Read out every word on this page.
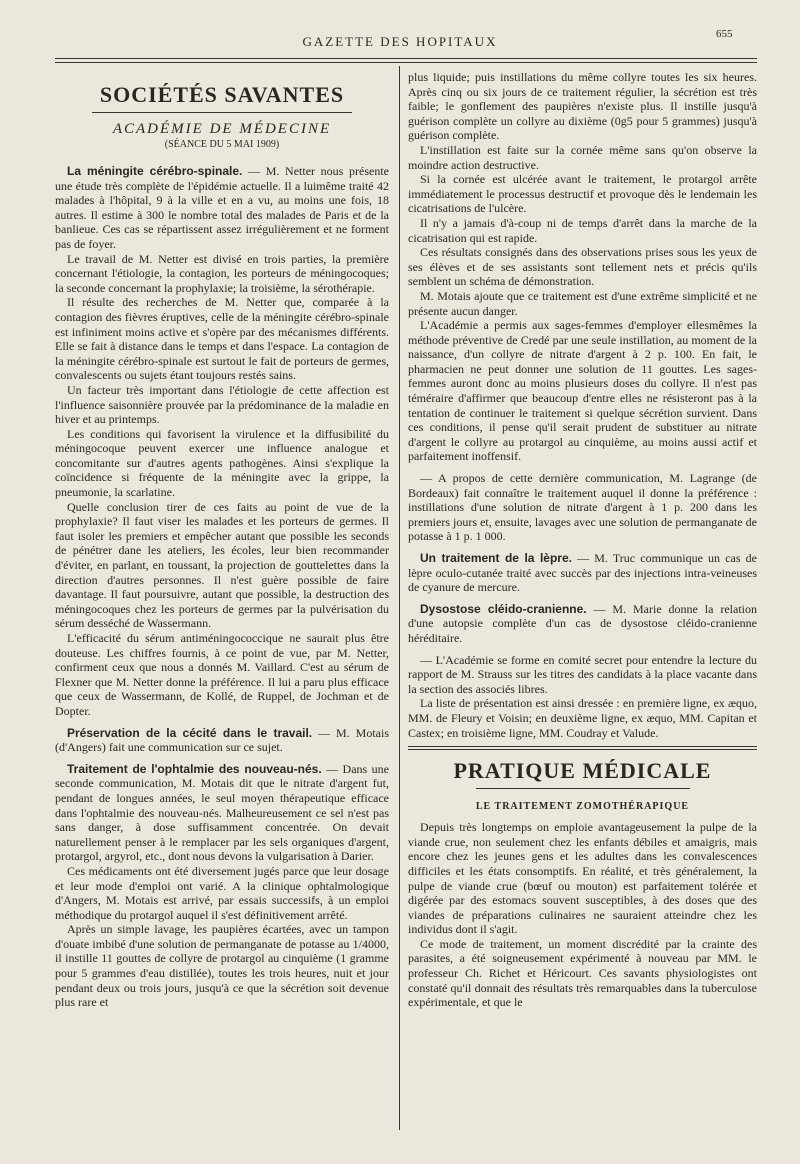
GAZETTE DES HOPITAUX	655
SOCIÉTÉS SAVANTES
ACADÉMIE DE MÉDECINE
(SÉANCE DU 5 MAI 1909)

La méningite cérébro-spinale. — M. Netter nous présente une étude très complète de l'épidémie actuelle. Il a luimême traité 42 malades à l'hôpital, 9 à la ville et en a vu, au moins une fois, 18 autres. Il estime à 300 le nombre total des malades de Paris et de la banlieue. Ces cas se répartissent assez irrégulièrement et ne forment pas de foyer.

Le travail de M. Netter est divisé en trois parties, la première concernant l'étiologie, la contagion, les porteurs de méningocoques; la seconde concernant la prophylaxie; la troisième, la sérothérapie.

Il résulte des recherches de M. Netter que, comparée à la contagion des fièvres éruptives, celle de la méningite cérébro-spinale est infiniment moins active et s'opère par des mécanismes différents. Elle se fait à distance dans le temps et dans l'espace. La contagion de la méningite cérébro-spinale est surtout le fait de porteurs de germes, convalescents ou sujets étant toujours restés sains.

Un facteur très important dans l'étiologie de cette affection est l'influence saisonnière prouvée par la prédominance de la maladie en hiver et au printemps.

Les conditions qui favorisent la virulence et la diffusibilité du méningocoque peuvent exercer une influence analogue et concomitante sur d'autres agents pathogènes. Ainsi s'explique la coïncidence si fréquente de la méningite avec la grippe, la pneumonie, la scarlatine.

Quelle conclusion tirer de ces faits au point de vue de la prophylaxie? Il faut viser les malades et les porteurs de germes. Il faut isoler les premiers et empêcher autant que possible les seconds de pénétrer dane les ateliers, les écoles, leur bien recommander d'éviter, en parlant, en toussant, la projection de gouttelettes dans la direction d'autres personnes. Il n'est guère possible de faire davantage. Il faut poursuivre, autant que possible, la destruction des méningocoques chez les porteurs de germes par la pulvérisation du sérum desséché de Wassermann.

L'efficacité du sérum antiméningococcique ne saurait plus être douteuse. Les chiffres fournis, à ce point de vue, par M. Netter, confirment ceux que nous a donnés M. Vaillard. C'est au sérum de Flexner que M. Netter donne la préférence. Il lui a paru plus efficace que ceux de Wassermann, de Kollé, de Ruppel, de Jochman et de Dopter.

Préservation de la cécité dans le travail. — M. Motais (d'Angers) fait une communication sur ce sujet.

Traitement de l'ophtalmie des nouveau-nés. — Dans une seconde communication, M. Motais dit que le nitrate d'argent fut, pendant de longues années, le seul moyen thérapeutique efficace dans l'ophtalmie des nouveau-nés. Malheureusement ce sel n'est pas sans danger, à dose suffisamment concentrée. On devait naturellement penser à le remplacer par les sels organiques d'argent, protargol, argyrol, etc., dont nous devons la vulgarisation à Darier.

Ces médicaments ont été diversement jugés parce que leur dosage et leur mode d'emploi ont varié. A la clinique ophtalmologique d'Angers, M. Motais est arrivé, par essais successifs, à un emploi méthodique du protargol auquel il s'est définitivement arrêté.

Après un simple lavage, les paupières écartées, avec un tampon d'ouate imbibé d'une solution de permanganate de potasse au 1/4000, il instille 11 gouttes de collyre de protargol au cinquième (1 gramme pour 5 grammes d'eau distillée), toutes les trois heures, nuit et jour pendant deux ou trois jours, jusqu'à ce que la sécrétion soit devenue plus rare et

plus liquide; puis instillations du même collyre toutes les six heures. Après cinq ou six jours de ce traitement régulier, la sécrétion est très faible; le gonflement des paupières n'existe plus. Il instille jusqu'à guérison complète un collyre au dixième (0g5 pour 5 grammes) jusqu'à guérison complète.

L'instillation est faite sur la cornée même sans qu'on observe la moindre action destructive.

Si la cornée est ulcérée avant le traitement, le protargol arrête immédiatement le processus destructif et provoque dès le lendemain les cicatrisations de l'ulcère.

Il n'y a jamais d'à-coup ni de temps d'arrêt dans la marche de la cicatrisation qui est rapide.

Ces résultats consignés dans des observations prises sous les yeux de ses élèves et de ses assistants sont tellement nets et précis qu'ils semblent un schéma de démonstration.

M. Motais ajoute que ce traitement est d'une extrême simplicité et ne présente aucun danger.

L'Académie a permis aux sages-femmes d'employer ellesmêmes la méthode préventive de Credé par une seule instillation, au moment de la naissance, d'un collyre de nitrate d'argent à 2 p. 100. En fait, le pharmacien ne peut donner une solution de 11 gouttes. Les sages-femmes auront donc au moins plusieurs doses du collyre. Il n'est pas téméraire d'affirmer que beaucoup d'entre elles ne résisteront pas à la tentation de continuer le traitement si quelque sécrétion survient. Dans ces conditions, il pense qu'il serait prudent de substituer au nitrate d'argent le collyre au protargol au cinquième, au moins aussi actif et parfaitement inoffensif.

— A propos de cette dernière communication, M. Lagrange (de Bordeaux) fait connaître le traitement auquel il donne la préférence : instillations d'une solution de nitrate d'argent à 1 p. 200 dans les premiers jours et, ensuite, lavages avec une solution de permanganate de potasse à 1 p. 1 000.

Un traitement de la lèpre. — M. Truc communique un cas de lèpre oculo-cutanée traité avec succès par des injections intra-veineuses de cyanure de mercure.

Dysostose cléido-cranienne. — M. Marie donne la relation d'une autopsie complète d'un cas de dysostose cléido-cranienne héréditaire.

— L'Académie se forme en comité secret pour entendre la lecture du rapport de M. Strauss sur les titres des candidats à la place vacante dans la section des associés libres.

La liste de présentation est ainsi dressée : en première ligne, ex æquo, MM. de Fleury et Voisin; en deuxième ligne, ex æquo, MM. Capitan et Castex; en troisième ligne, MM. Coudray et Valude.

PRATIQUE MÉDICALE
LE TRAITEMENT ZOMOTHÉRAPIQUE

Depuis très longtemps on emploie avantageusement la pulpe de la viande crue, non seulement chez les enfants débiles et amaigris, mais encore chez les jeunes gens et les adultes dans les convalescences difficiles et les états consomptifs. En réalité, et très généralement, la pulpe de viande crue (bœuf ou mouton) est parfaitement tolérée et digérée par des estomacs souvent susceptibles, à des doses que des viandes de préparations culinaires ne sauraient atteindre chez les individus dont il s'agit.

Ce mode de traitement, un moment discrédité par la crainte des parasites, a été soigneusement expérimenté à nouveau par MM. le professeur Ch. Richet et Héricourt. Ces savants physiologistes ont constaté qu'il donnait des résultats très remarquables dans la tuberculose expérimentale, et que le
